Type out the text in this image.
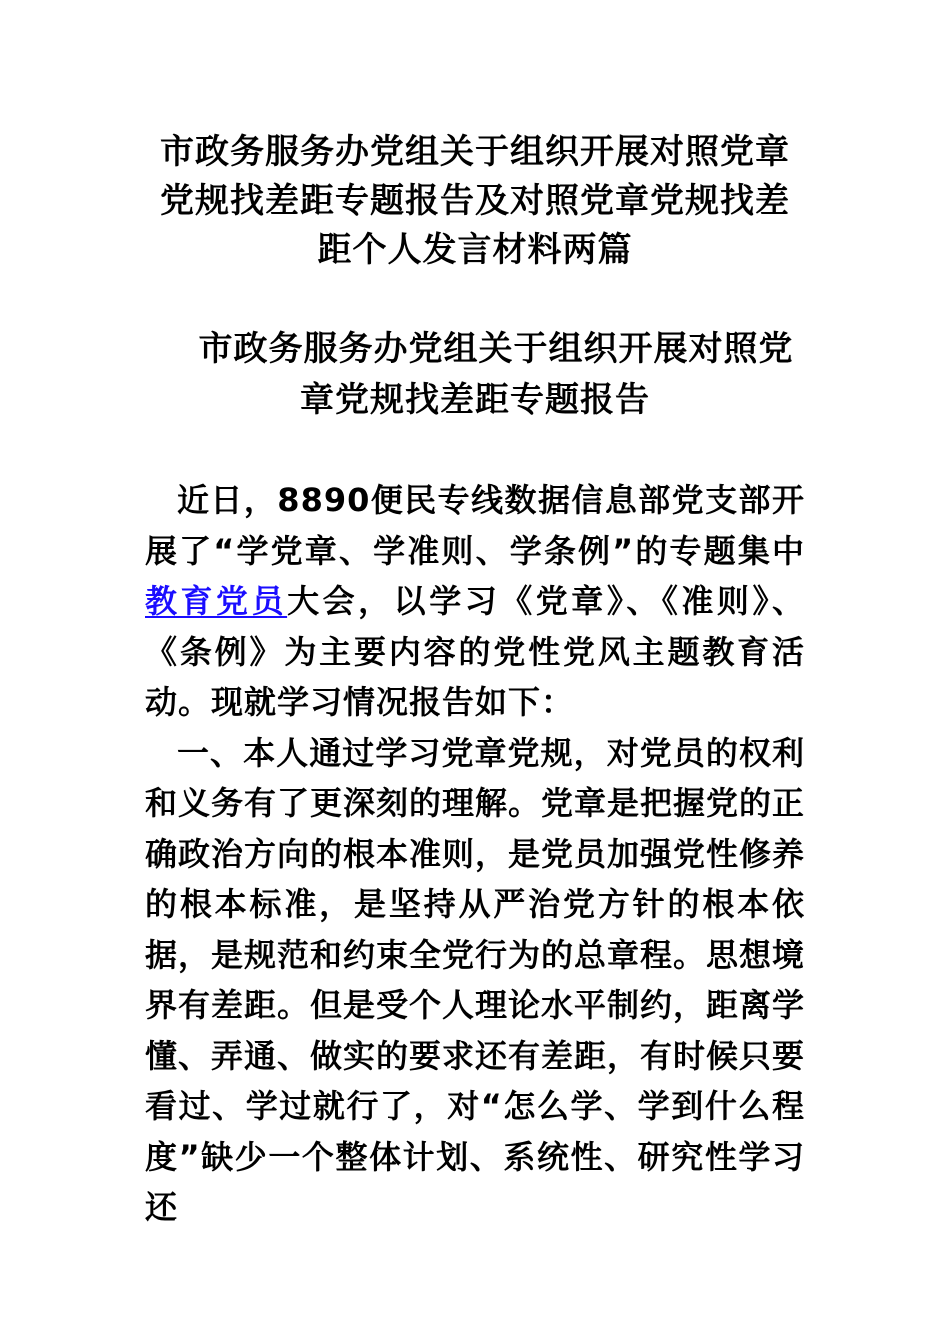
市政务服务办党组关于组织开展对照党章党规找差距专题报告及对照党章党规找差距个人发言材料两篇
市政务服务办党组关于组织开展对照党章党规找差距专题报告

近日，8890便民专线数据信息部党支部开展了“学党章、学准则、学条例”的专题集中教育党员大会，以学习《党章》、《准则》、《条例》为主要内容的党性党风主题教育活动。现就学习情况报告如下：

一、本人通过学习党章党规，对党员的权利和义务有了更深刻的理解。党章是把握党的正确政治方向的根本准则，是党员加强党性修养的根本标准，是坚持从严治党方针的根本依据，是规范和约束全党行为的总章程。思想境界有差距。但是受个人理论水平制约，距离学懂、弄通、做实的要求还有差距，有时候只要看过、学过就行了，对“怎么学、学到什么程度”缺少一个整体计划、系统性、研究性学习还
